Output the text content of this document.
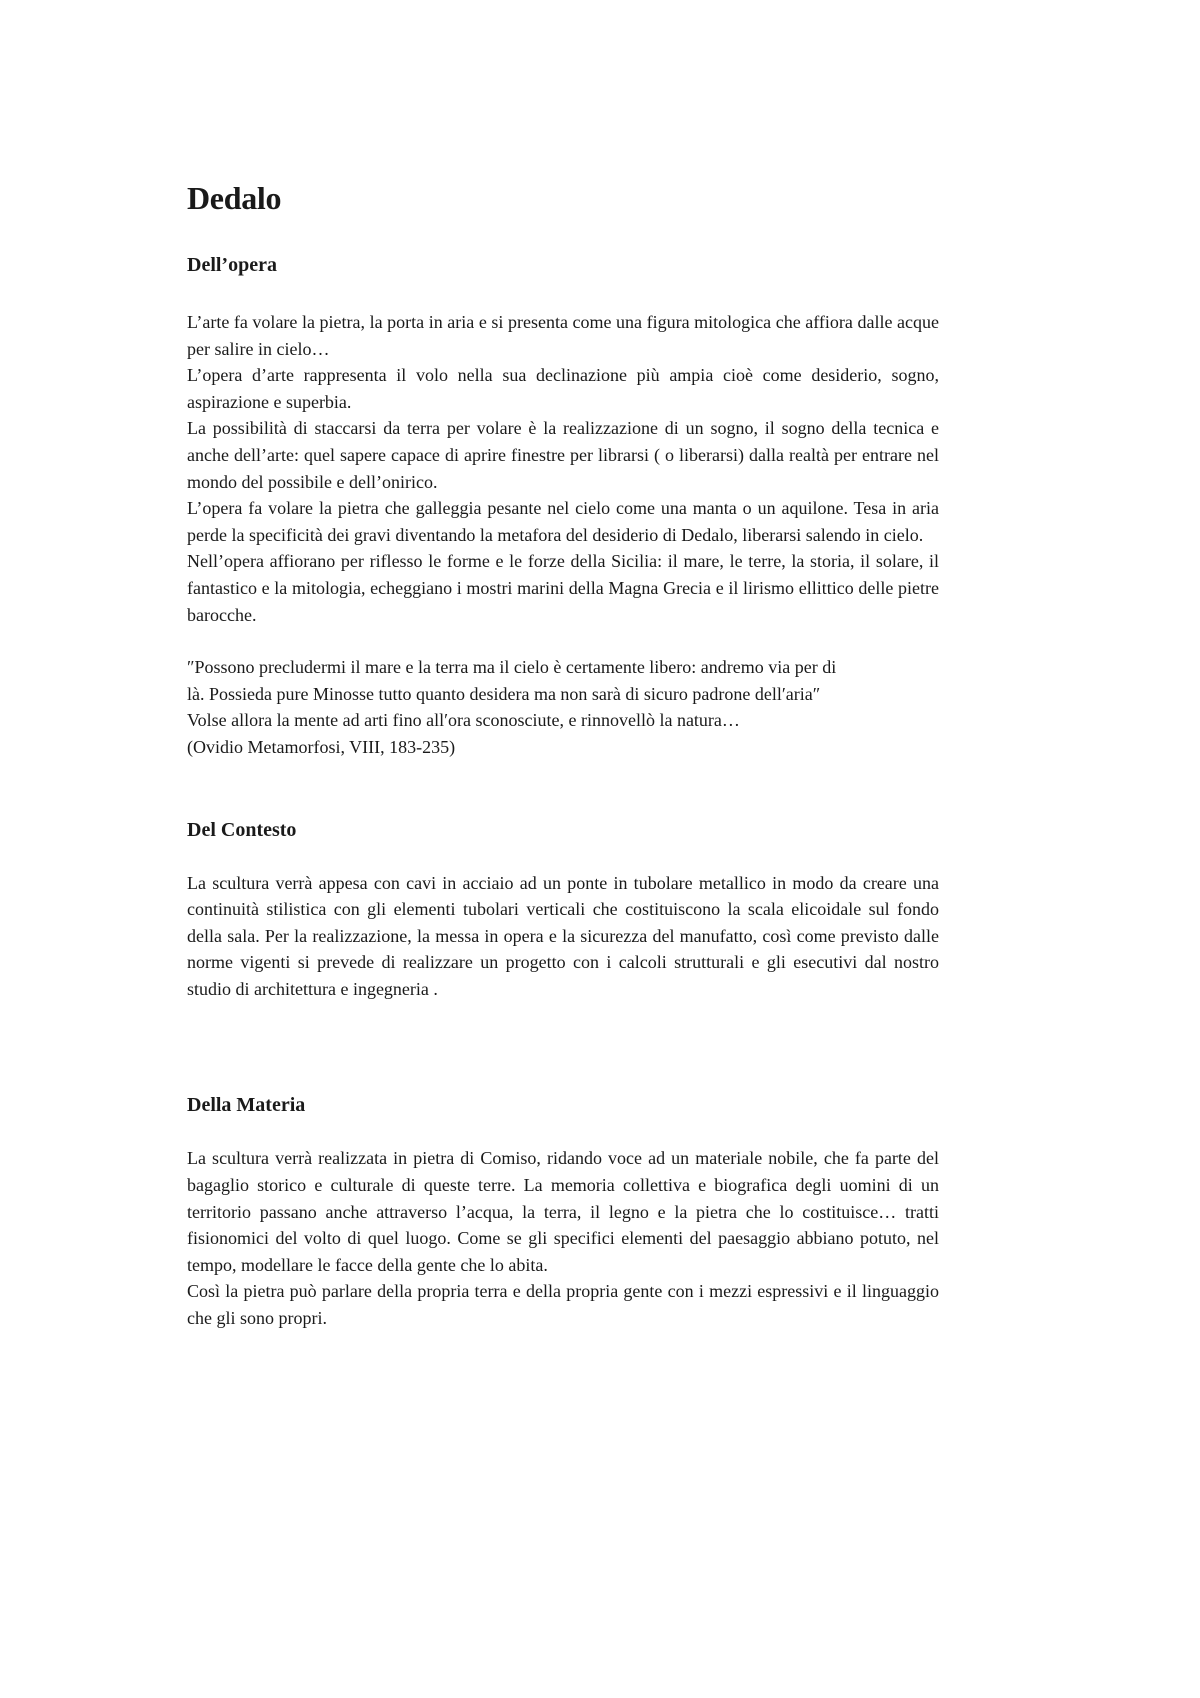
Dedalo
Dell’opera

L’arte fa volare la pietra, la porta in aria e si presenta come una figura mitologica che affiora dalle acque per salire in cielo…

L’opera d’arte rappresenta il volo nella sua declinazione più ampia cioè come desiderio, sogno, aspirazione e superbia.

La possibilità di staccarsi da terra per volare è la realizzazione di un sogno, il sogno della tecnica e anche dell’arte: quel sapere capace di aprire finestre per librarsi ( o liberarsi) dalla realtà per entrare nel mondo del possibile e dell’onirico.

L’opera fa volare la pietra che galleggia pesante nel cielo come una manta o un aquilone. Tesa in aria perde la specificità dei gravi diventando la metafora del desiderio di Dedalo, liberarsi salendo in cielo.

Nell’opera affiorano per riflesso le forme e le forze della Sicilia: il mare, le terre, la storia, il solare, il fantastico e la mitologia, echeggiano i mostri marini della Magna Grecia e il lirismo ellittico delle pietre barocche.

″Possono precludermi il mare e la terra ma il cielo è certamente libero: andremo via per di

là. Possieda pure Minosse tutto quanto desidera ma non sarà di sicuro padrone dell′aria″

Volse allora la mente ad arti fino all′ora sconosciute, e rinnovellò la natura…

(Ovidio Metamorfosi, VIII, 183-235)

Del Contesto

La scultura verrà appesa con cavi in acciaio ad un ponte in tubolare metallico in modo da creare una continuità stilistica con gli elementi tubolari verticali che costituiscono la scala elicoidale sul fondo della sala. Per la realizzazione, la messa in opera e la sicurezza del manufatto, così come previsto dalle norme vigenti si prevede di realizzare un progetto con i calcoli strutturali e gli esecutivi dal nostro studio di architettura e ingegneria .

Della Materia

La scultura verrà realizzata in pietra di Comiso, ridando voce ad un materiale nobile, che fa parte del bagaglio storico e culturale di queste terre. La memoria collettiva e biografica degli uomini di un territorio passano anche attraverso l’acqua, la terra, il legno e la pietra che lo costituisce… tratti fisionomici del volto di quel luogo. Come se gli specifici elementi del paesaggio abbiano potuto, nel tempo, modellare le facce della gente che lo abita.

Così la pietra può parlare della propria terra e della propria gente con i mezzi espressivi e il linguaggio che gli sono propri.
